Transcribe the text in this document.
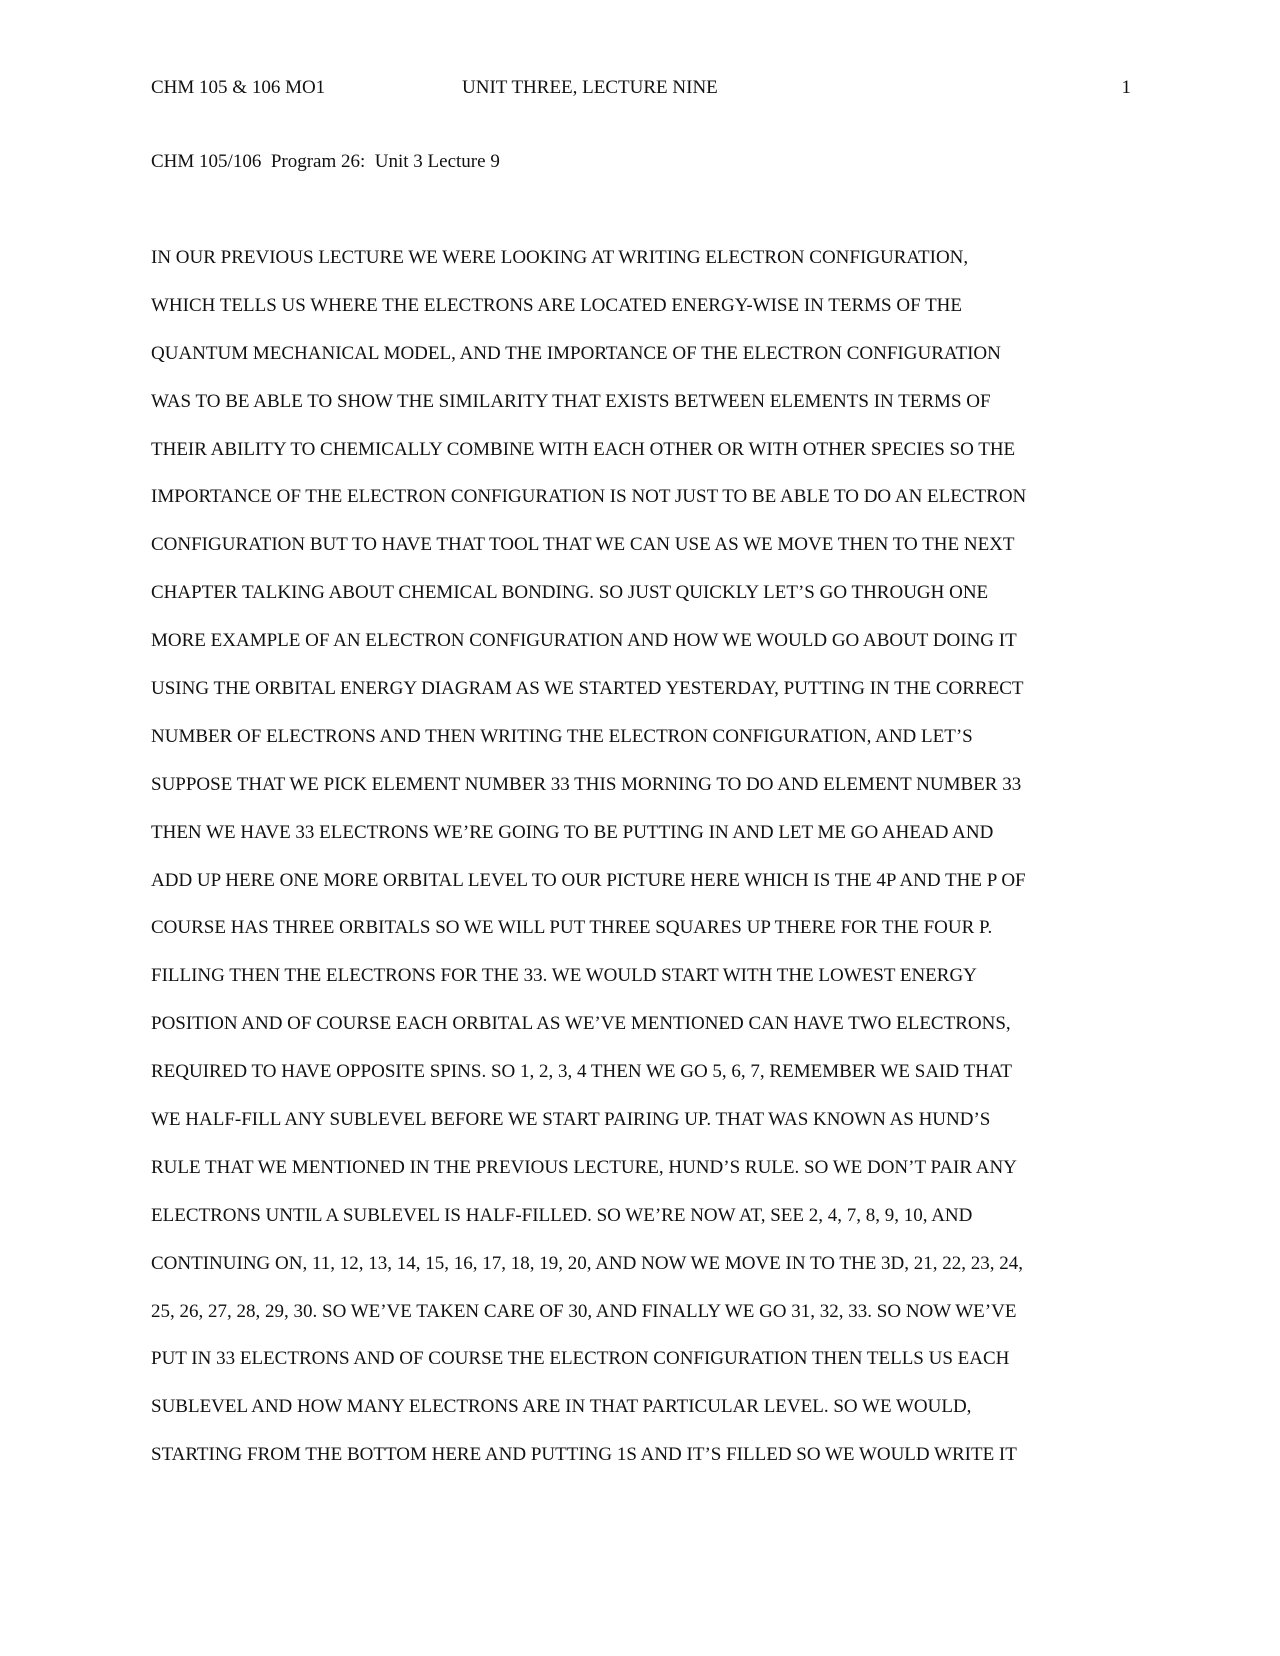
CHM 105 & 106 MO1	UNIT THREE, LECTURE NINE	1
CHM 105/106  Program 26:  Unit 3 Lecture 9
IN OUR PREVIOUS LECTURE WE WERE LOOKING AT WRITING ELECTRON CONFIGURATION,
WHICH TELLS US WHERE THE ELECTRONS ARE LOCATED ENERGY-WISE IN TERMS OF THE
QUANTUM MECHANICAL MODEL, AND THE IMPORTANCE OF THE ELECTRON CONFIGURATION
WAS TO BE ABLE TO SHOW THE SIMILARITY THAT EXISTS BETWEEN ELEMENTS IN TERMS OF
THEIR ABILITY TO CHEMICALLY COMBINE WITH EACH OTHER OR WITH OTHER SPECIES SO THE
IMPORTANCE OF THE ELECTRON CONFIGURATION IS NOT JUST TO BE ABLE TO DO AN ELECTRON
CONFIGURATION BUT TO HAVE THAT TOOL THAT WE CAN USE AS WE MOVE THEN TO THE NEXT
CHAPTER TALKING ABOUT CHEMICAL BONDING. SO JUST QUICKLY LET’S GO THROUGH ONE
MORE EXAMPLE OF AN ELECTRON CONFIGURATION AND HOW WE WOULD GO ABOUT DOING IT
USING THE ORBITAL ENERGY DIAGRAM AS WE STARTED YESTERDAY, PUTTING IN THE CORRECT
NUMBER OF ELECTRONS AND THEN WRITING THE ELECTRON CONFIGURATION, AND LET’S
SUPPOSE THAT WE PICK ELEMENT NUMBER 33 THIS MORNING TO DO AND ELEMENT NUMBER 33
THEN WE HAVE 33 ELECTRONS WE’RE GOING TO BE PUTTING IN AND LET ME GO AHEAD AND
ADD UP HERE ONE MORE ORBITAL LEVEL TO OUR PICTURE HERE WHICH IS THE 4P AND THE P OF
COURSE HAS THREE ORBITALS SO WE WILL PUT THREE SQUARES UP THERE FOR THE FOUR P.
FILLING THEN THE ELECTRONS FOR THE 33. WE WOULD START WITH THE LOWEST ENERGY
POSITION AND OF COURSE EACH ORBITAL AS WE’VE MENTIONED CAN HAVE TWO ELECTRONS,
REQUIRED TO HAVE OPPOSITE SPINS. SO 1, 2, 3, 4 THEN WE GO 5, 6, 7, REMEMBER WE SAID THAT
WE HALF-FILL ANY SUBLEVEL BEFORE WE START PAIRING UP. THAT WAS KNOWN AS HUND’S
RULE THAT WE MENTIONED IN THE PREVIOUS LECTURE, HUND’S RULE. SO WE DON’T PAIR ANY
ELECTRONS UNTIL A SUBLEVEL IS HALF-FILLED. SO WE’RE NOW AT, SEE 2, 4, 7, 8, 9, 10, AND
CONTINUING ON, 11, 12, 13, 14, 15, 16, 17, 18, 19, 20, AND NOW WE MOVE IN TO THE 3D, 21, 22, 23, 24,
25, 26, 27, 28, 29, 30. SO WE’VE TAKEN CARE OF 30, AND FINALLY WE GO 31, 32, 33. SO NOW WE’VE
PUT IN 33 ELECTRONS AND OF COURSE THE ELECTRON CONFIGURATION THEN TELLS US EACH
SUBLEVEL AND HOW MANY ELECTRONS ARE IN THAT PARTICULAR LEVEL. SO WE WOULD,
STARTING FROM THE BOTTOM HERE AND PUTTING 1S AND IT’S FILLED SO WE WOULD WRITE IT
